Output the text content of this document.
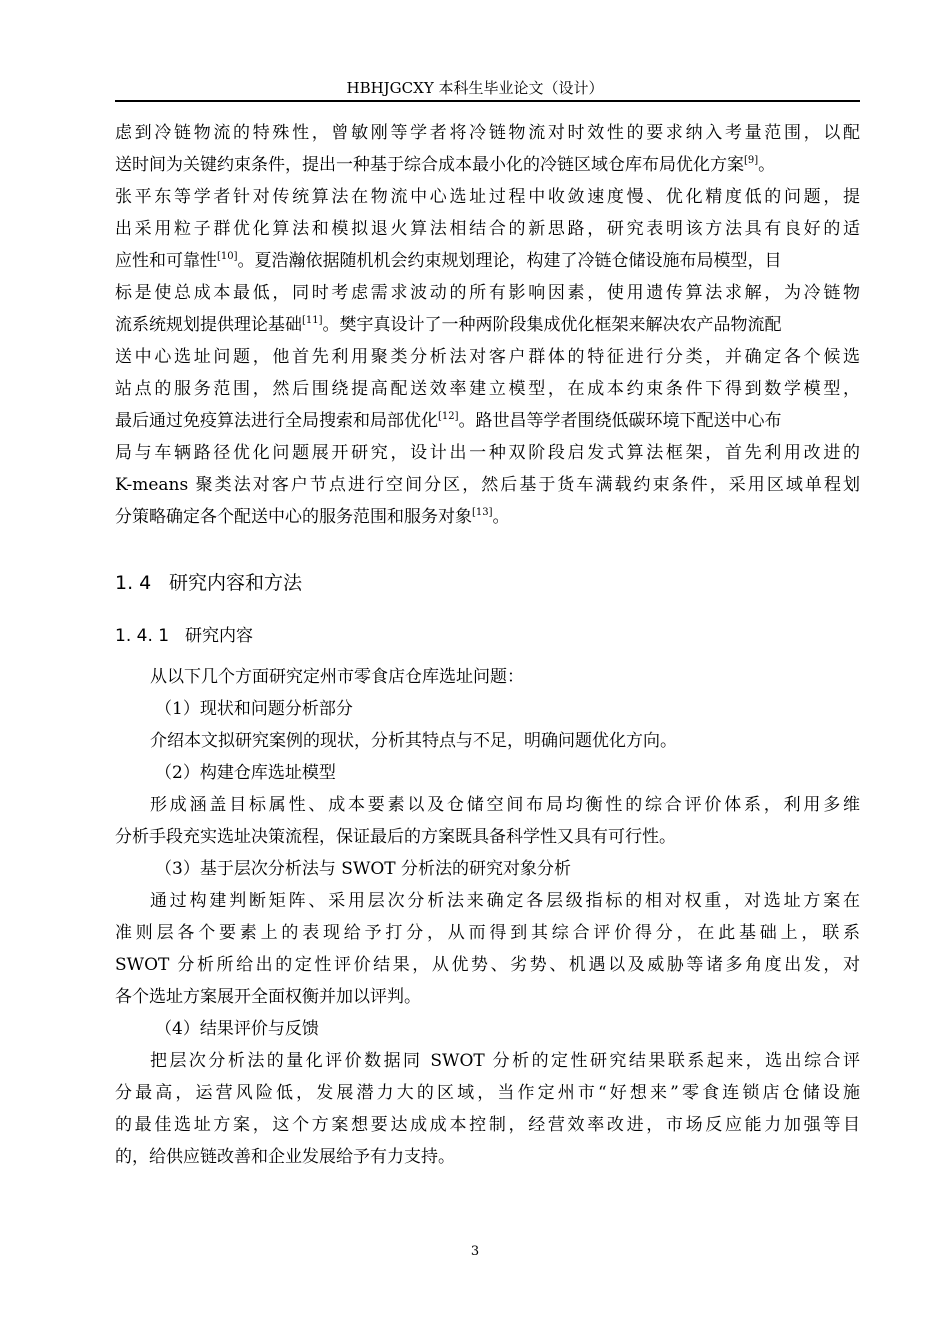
HBHJGCXY 本科生毕业论文（设计）
虑到冷链物流的特殊性，曾敏刚等学者将冷链物流对时效性的要求纳入考量范围，以配
送时间为关键约束条件，提出一种基于综合成本最小化的冷链区域仓库布局优化方案[9]。
张平东等学者针对传统算法在物流中心选址过程中收敛速度慢、优化精度低的问题，提
出采用粒子群优化算法和模拟退火算法相结合的新思路，研究表明该方法具有良好的适
应性和可靠性[10]。夏浩瀚依据随机机会约束规划理论，构建了冷链仓储设施布局模型，目
标是使总成本最低，同时考虑需求波动的所有影响因素，使用遗传算法求解，为冷链物
流系统规划提供理论基础[11]。樊宇真设计了一种两阶段集成优化框架来解决农产品物流配
送中心选址问题，他首先利用聚类分析法对客户群体的特征进行分类，并确定各个候选
站点的服务范围，然后围绕提高配送效率建立模型，在成本约束条件下得到数学模型，
最后通过免疫算法进行全局搜索和局部优化[12]。路世昌等学者围绕低碳环境下配送中心布
局与车辆路径优化问题展开研究，设计出一种双阶段启发式算法框架，首先利用改进的
K-means 聚类法对客户节点进行空间分区，然后基于货车满载约束条件，采用区域单程划
分策略确定各个配送中心的服务范围和服务对象[13]。
1. 4 研究内容和方法
1. 4. 1 研究内容
从以下几个方面研究定州市零食店仓库选址问题：
（1）现状和问题分析部分
介绍本文拟研究案例的现状，分析其特点与不足，明确问题优化方向。
（2）构建仓库选址模型
形成涵盖目标属性、成本要素以及仓储空间布局均衡性的综合评价体系，利用多维
分析手段充实选址决策流程，保证最后的方案既具备科学性又具有可行性。
（3）基于层次分析法与 SWOT 分析法的研究对象分析
通过构建判断矩阵、采用层次分析法来确定各层级指标的相对权重，对选址方案在
准则层各个要素上的表现给予打分，从而得到其综合评价得分，在此基础上，联系
SWOT 分析所给出的定性评价结果，从优势、劣势、机遇以及威胁等诸多角度出发，对
各个选址方案展开全面权衡并加以评判。
（4）结果评价与反馈
把层次分析法的量化评价数据同 SWOT 分析的定性研究结果联系起来，选出综合评
分最高，运营风险低，发展潜力大的区域，当作定州市“好想来”零食连锁店仓储设施
的最佳选址方案，这个方案想要达成成本控制，经营效率改进，市场反应能力加强等目
的，给供应链改善和企业发展给予有力支持。
3
